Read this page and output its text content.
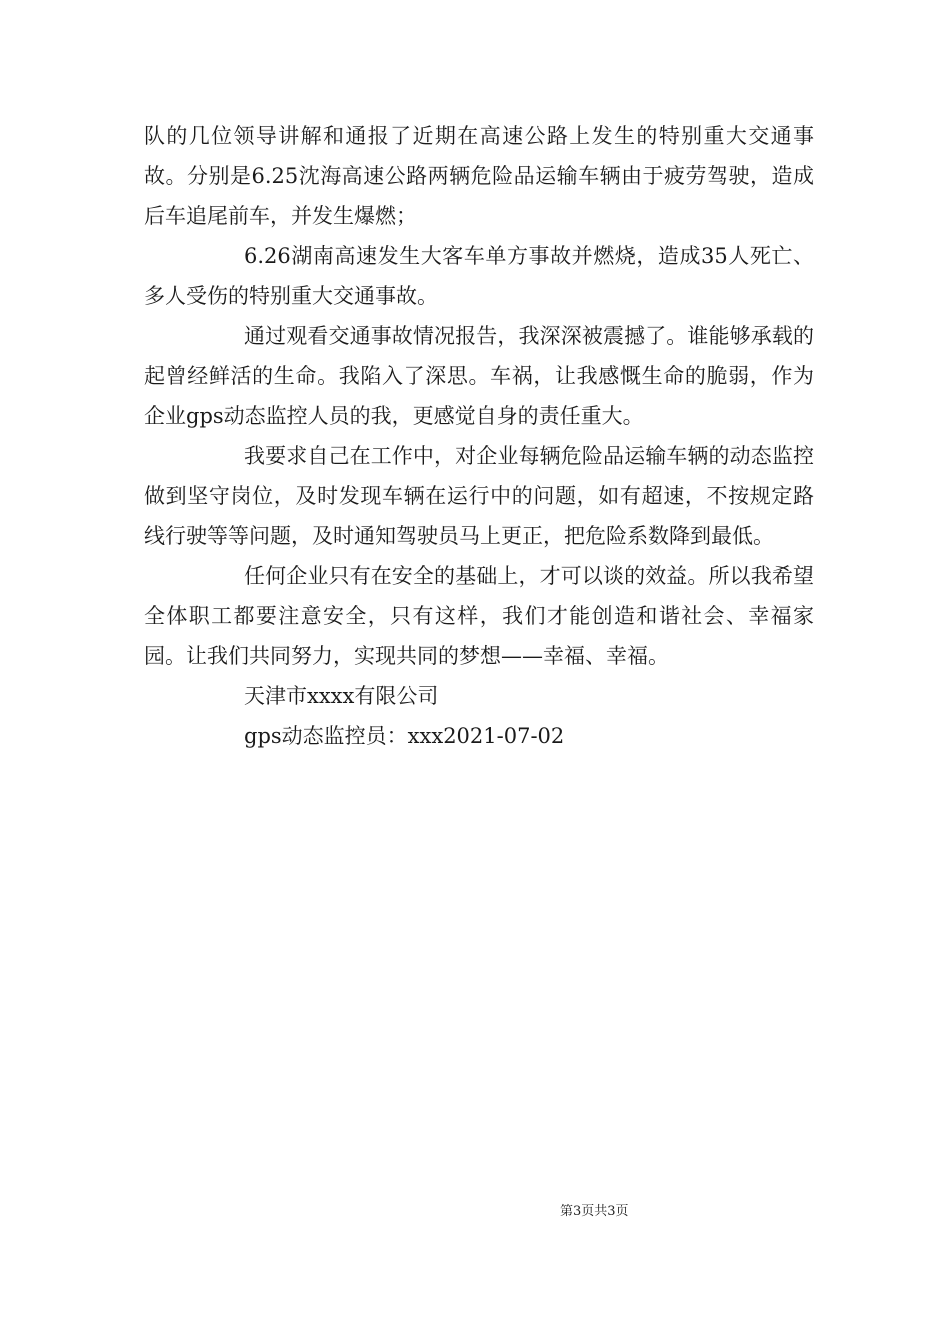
队的几位领导讲解和通报了近期在高速公路上发生的特别重大交通事故。分别是6.25沈海高速公路两辆危险品运输车辆由于疲劳驾驶，造成后车追尾前车，并发生爆燃；

6.26湖南高速发生大客车单方事故并燃烧，造成35人死亡、多人受伤的特别重大交通事故。

通过观看交通事故情况报告，我深深被震撼了。谁能够承载的起曾经鲜活的生命。我陷入了深思。车祸，让我感慨生命的脆弱，作为企业gps动态监控人员的我，更感觉自身的责任重大。

我要求自己在工作中，对企业每辆危险品运输车辆的动态监控做到坚守岗位，及时发现车辆在运行中的问题，如有超速，不按规定路线行驶等等问题，及时通知驾驶员马上更正，把危险系数降到最低。

任何企业只有在安全的基础上，才可以谈的效益。所以我希望全体职工都要注意安全，只有这样，我们才能创造和谐社会、幸福家园。让我们共同努力，实现共同的梦想——幸福、幸福。

天津市xxxx有限公司

gps动态监控员：xxx2021-07-02

第3页共3页
